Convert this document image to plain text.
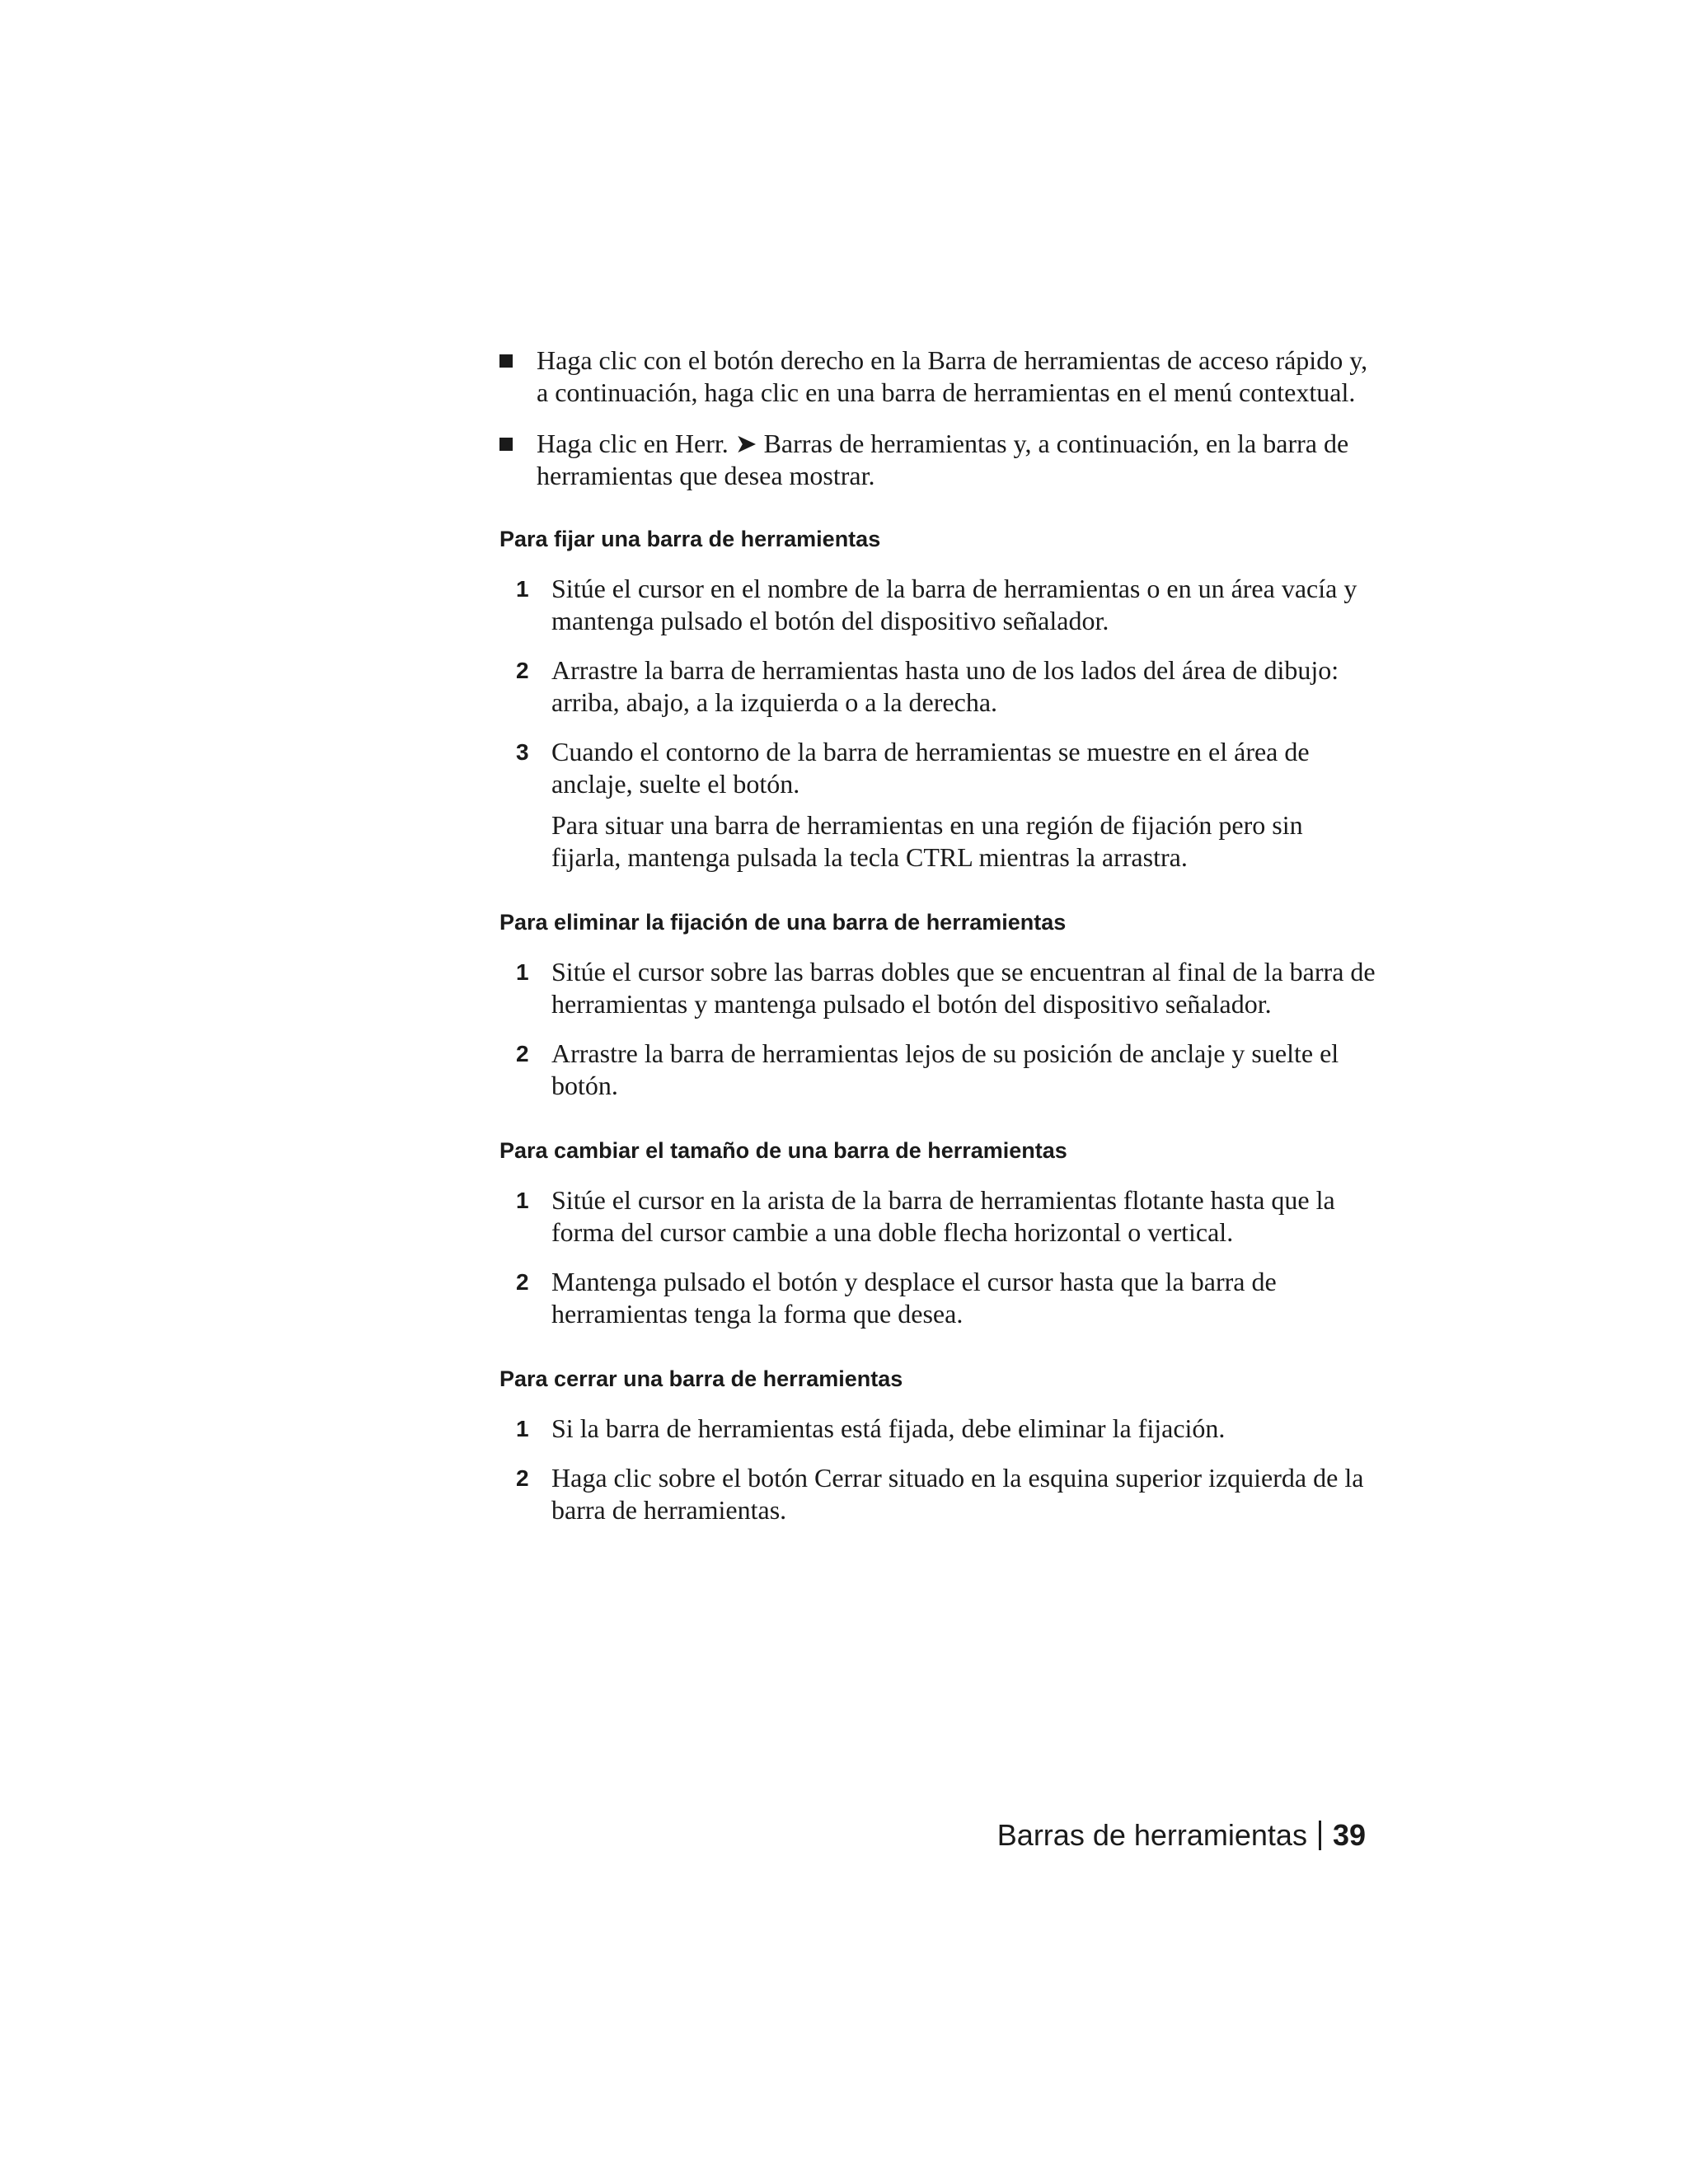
Haga clic con el botón derecho en la Barra de herramientas de acceso rápido y, a continuación, haga clic en una barra de herramientas en el menú contextual.
Haga clic en Herr. ➤ Barras de herramientas y, a continuación, en la barra de herramientas que desea mostrar.
Para fijar una barra de herramientas
1 Sitúe el cursor en el nombre de la barra de herramientas o en un área vacía y mantenga pulsado el botón del dispositivo señalador.
2 Arrastre la barra de herramientas hasta uno de los lados del área de dibujo: arriba, abajo, a la izquierda o a la derecha.
3 Cuando el contorno de la barra de herramientas se muestre en el área de anclaje, suelte el botón.
Para situar una barra de herramientas en una región de fijación pero sin fijarla, mantenga pulsada la tecla CTRL mientras la arrastra.
Para eliminar la fijación de una barra de herramientas
1 Sitúe el cursor sobre las barras dobles que se encuentran al final de la barra de herramientas y mantenga pulsado el botón del dispositivo señalador.
2 Arrastre la barra de herramientas lejos de su posición de anclaje y suelte el botón.
Para cambiar el tamaño de una barra de herramientas
1 Sitúe el cursor en la arista de la barra de herramientas flotante hasta que la forma del cursor cambie a una doble flecha horizontal o vertical.
2 Mantenga pulsado el botón y desplace el cursor hasta que la barra de herramientas tenga la forma que desea.
Para cerrar una barra de herramientas
1 Si la barra de herramientas está fijada, debe eliminar la fijación.
2 Haga clic sobre el botón Cerrar situado en la esquina superior izquierda de la barra de herramientas.
Barras de herramientas 39
